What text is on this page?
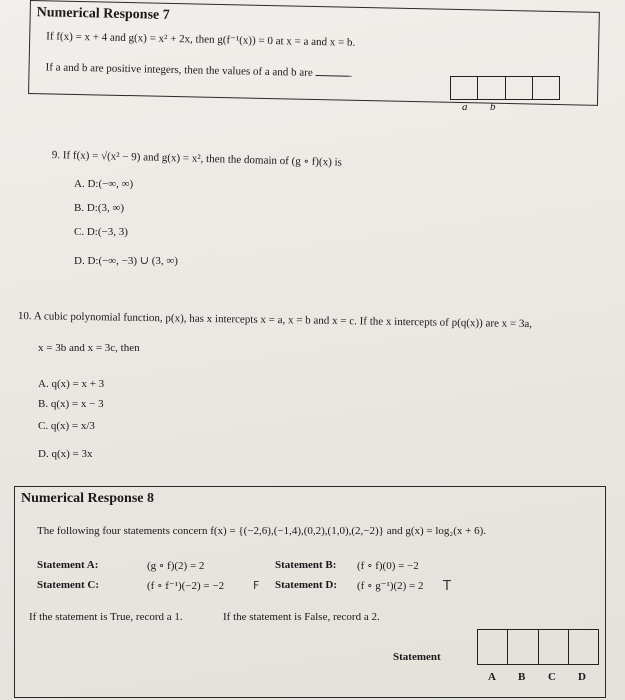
Numerical Response 7
If f(x) = x + 4 and g(x) = x² + 2x, then g(f⁻¹(x)) = 0 at x = a and x = b.
If a and b are positive integers, then the values of a and b are	.
a b
9. If f(x) = √(x² − 9) and g(x) = x², then the domain of (g ∘ f)(x) is
A. D:(−∞, ∞)
B. D:(3, ∞)
C. D:(−3, 3)
D. D:(−∞, −3) ∪ (3, ∞)
10. A cubic polynomial function, p(x), has x intercepts x = a, x = b and x = c. If the x intercepts of p(q(x)) are x = 3a,
x = 3b and x = 3c, then
A. q(x) = x + 3
B. q(x) = x − 3
C. q(x) = x/3
D. q(x) = 3x
Numerical Response 8
The following four statements concern f(x) = {(−2,6),(−1,4),(0,2),(1,0),(2,−2)} and g(x) = log₂(x + 6).
Statement A:	(g ∘ f)(2) = 2	Statement B: (f ∘ f)(0) = −2
Statement C:	(f ∘ f⁻¹)(−2) = −2	F Statement D: (f ∘ g⁻¹)(2) = 2 T
If the statement is True, record a 1.	If the statement is False, record a 2.
Statement
A B C D
